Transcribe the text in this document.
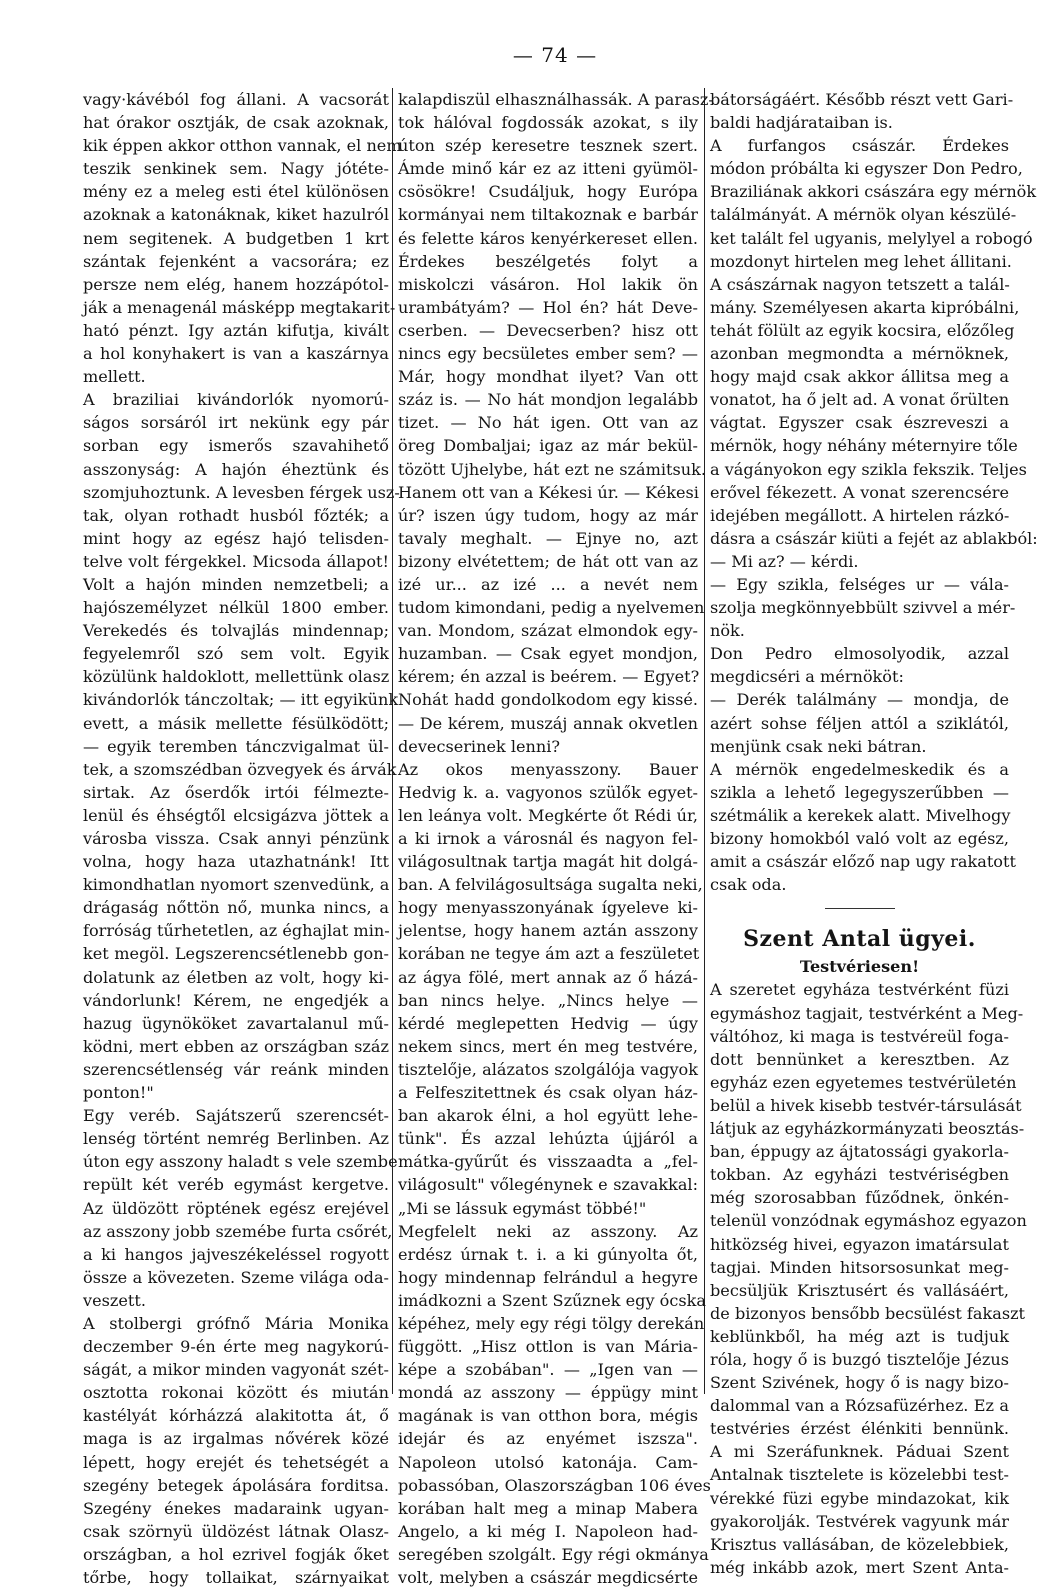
— 74 —
vagy·kávéból fog állani. A vacsorát
hat órakor osztják, de csak azoknak,
kik éppen akkor otthon vannak, el nem
teszik senkinek sem. Nagy jótéte-
mény ez a meleg esti étel különösen
azoknak a katonáknak, kiket hazulról
nem segitenek. A budgetben 1 krt
szántak fejenként a vacsorára; ez
persze nem elég, hanem hozzápótol-
ják a menagenál másképp megtakarit-
ható pénzt. Igy aztán kifutja, kivált
a hol konyhakert is van a kaszárnya
mellett.
A braziliai kivándorlók nyomorú-
ságos sorsáról irt nekünk egy pár
sorban egy ismerős szavahihető
asszonyság: A hajón éheztünk és
szomjuhoztunk. A levesben férgek usz-
tak, olyan rothadt husból főzték; a
mint hogy az egész hajó telisden-
telve volt férgekkel. Micsoda állapot!
Volt a hajón minden nemzetbeli; a
hajószemélyzet nélkül 1800 ember.
Verekedés és tolvajlás mindennap;
fegyelemről szó sem volt. Egyik
közülünk haldoklott, mellettünk olasz
kivándorlók tánczoltak; — itt egyikünk
evett, a másik mellette fésülködött;
— egyik teremben tánczvigalmat ül-
tek, a szomszédban özvegyek és árvák
sirtak. Az őserdők irtói félmezte-
lenül és éhségtől elcsigázva jöttek a
városba vissza. Csak annyi pénzünk
volna, hogy haza utazhatnánk! Itt
kimondhatlan nyomort szenvedünk, a
drágaság nőttön nő, munka nincs, a
forróság tűrhetetlen, az éghajlat min-
ket megöl. Legszerencsétlenebb gon-
dolatunk az életben az volt, hogy ki-
vándorlunk! Kérem, ne engedjék a
hazug ügynököket zavartalanul mű-
ködni, mert ebben az országban száz
szerencsétlenség vár reánk minden
ponton!"
Egy veréb. Sajátszerű szerencsét-
lenség történt nemrég Berlinben. Az
úton egy asszony haladt s vele szembe
repült két veréb egymást kergetve.
Az üldözött röptének egész erejével
az asszony jobb szemébe furta csőrét,
a ki hangos jajveszékeléssel rogyott
össze a kövezeten. Szeme világa oda-
veszett.
A stolbergi grófnő Mária Monika
deczember 9-én érte meg nagykorú-
ságát, a mikor minden vagyonát szét-
osztotta rokonai között és miután
kastélyát kórházzá alakitotta át, ő
maga is az irgalmas nővérek közé
lépett, hogy erejét és tehetségét a
szegény betegek ápolására forditsa.
Szegény énekes madaraink ugyan-
csak szörnyü üldözést látnak Olasz-
országban, a hol ezrivel fogják őket
tőrbe, hogy tollaikat, szárnyaikat
kalapdiszül elhasználhassák. A parasz-
tok hálóval fogdossák azokat, s ily
úton szép keresetre tesznek szert.
Ámde minő kár ez az itteni gyümöl-
csösökre! Csudáljuk, hogy Európa
kormányai nem tiltakoznak e barbár
és felette káros kenyérkereset ellen.
Érdekes beszélgetés folyt a
miskolczi vásáron. Hol lakik ön
urambátyám? — Hol én? hát Deve-
cserben. — Devecserben? hisz ott
nincs egy becsületes ember sem? —
Már, hogy mondhat ilyet? Van ott
száz is. — No hát mondjon legalább
tizet. — No hát igen. Ott van az
öreg Dombaljai; igaz az már bekül-
tözött Ujhelybe, hát ezt ne számitsuk.
Hanem ott van a Kékesi úr. — Kékesi
úr? iszen úgy tudom, hogy az már
tavaly meghalt. — Ejnye no, azt
bizony elvétettem; de hát ott van az
izé ur... az izé ... a nevét nem
tudom kimondani, pedig a nyelvemen
van. Mondom, százat elmondok egy-
huzamban. — Csak egyet mondjon,
kérem; én azzal is beérem. — Egyet?
Nohát hadd gondolkodom egy kissé.
— De kérem, muszáj annak okvetlen
devecserinek lenni?
Az okos menyasszony. Bauer
Hedvig k. a. vagyonos szülők egyet-
len leánya volt. Megkérte őt Rédi úr,
a ki irnok a városnál és nagyon fel-
világosultnak tartja magát hit dolgá-
ban. A felvilágosultsága sugalta neki,
hogy menyasszonyának ígyeleve ki-
jelentse, hogy hanem aztán asszony
korában ne tegye ám azt a feszületet
az ágya fölé, mert annak az ő házá-
ban nincs helye. „Nincs helye —
kérdé meglepetten Hedvig — úgy
nekem sincs, mert én meg testvére,
tisztelője, alázatos szolgálója vagyok
a Felfeszitettnek és csak olyan ház-
ban akarok élni, a hol együtt lehe-
tünk". És azzal lehúzta újjáról a
mátka-gyűrűt és visszaadta a „fel-
világosult" vőlegénynek e szavakkal:
„Mi se lássuk egymást többé!"
Megfelelt neki az asszony. Az
erdész úrnak t. i. a ki gúnyolta őt,
hogy mindennap felrándul a hegyre
imádkozni a Szent Szűznek egy ócska
képéhez, mely egy régi tölgy derekán
függött. „Hisz ottlon is van Mária-
képe a szobában". — „Igen van —
mondá az asszony — éppügy mint
magának is van otthon bora, mégis
idejár és az enyémet iszsza".
Napoleon utolsó katonája. Cam-
pobassóban, Olaszországban 106 éves
korában halt meg a minap Mabera
Angelo, a ki még I. Napoleon had-
seregében szolgált. Egy régi okmánya
volt, melyben a császár megdicsérte
bátorságáért. Később részt vett Gari-
baldi hadjárataiban is.
A furfangos császár. Érdekes
módon próbálta ki egyszer Don Pedro,
Braziliának akkori császára egy mérnök
találmányát. A mérnök olyan készülé-
ket talált fel ugyanis, melylyel a robogó
mozdonyt hirtelen meg lehet állitani.
A császárnak nagyon tetszett a talál-
mány. Személyesen akarta kipróbálni,
tehát fölült az egyik kocsira, előzőleg
azonban megmondta a mérnöknek,
hogy majd csak akkor állitsa meg a
vonatot, ha ő jelt ad. A vonat őrülten
vágtat. Egyszer csak észreveszi a
mérnök, hogy néhány méternyire tőle
a vágányokon egy szikla fekszik. Teljes
erővel fékezett. A vonat szerencsére
idejében megállott. A hirtelen rázkó-
dásra a császár kiüti a fejét az ablakból:
— Mi az? — kérdi.
— Egy szikla, felséges ur — vála-
szolja megkönnyebbült szivvel a mér-
nök.
Don Pedro elmosolyodik, azzal
megdicséri a mérnököt:
— Derék találmány — mondja, de
azért sohse féljen attól a sziklától,
menjünk csak neki bátran.
A mérnök engedelmeskedik és a
szikla a lehető legegyszerűbben —
szétmálik a kerekek alatt. Mivelhogy
bizony homokból való volt az egész,
amit a császár előző nap ugy rakatott
csak oda.
Szent Antal ügyei.
Testvériesen!
A szeretet egyháza testvérként füzi
egymáshoz tagjait, testvérként a Meg-
váltóhoz, ki maga is testvéreül foga-
dott bennünket a keresztben. Az
egyház ezen egyetemes testvérületén
belül a hivek kisebb testvér-társulását
látjuk az egyházkormányzati beosztás-
ban, éppugy az ájtatossági gyakorla-
tokban. Az egyházi testvériségben
még szorosabban fűződnek, önkén-
telenül vonzódnak egymáshoz egyazon
hitközség hivei, egyazon imatársulat
tagjai. Minden hitsorsosunkat meg-
becsüljük Krisztusért és vallásáért,
de bizonyos bensőbb becsülést fakaszt
keblünkből, ha még azt is tudjuk
róla, hogy ő is buzgó tisztelője Jézus
Szent Szivének, hogy ő is nagy bizo-
dalommal van a Rózsafüzérhez. Ez a
testvéries érzést élénkiti bennünk.
A mi Szeráfunknek. Páduai Szent
Antalnak tisztelete is közelebbi test-
vérekké füzi egybe mindazokat, kik
gyakorolják. Testvérek vagyunk már
Krisztus vallásában, de közelebbiek,
még inkább azok, mert Szent Anta-
